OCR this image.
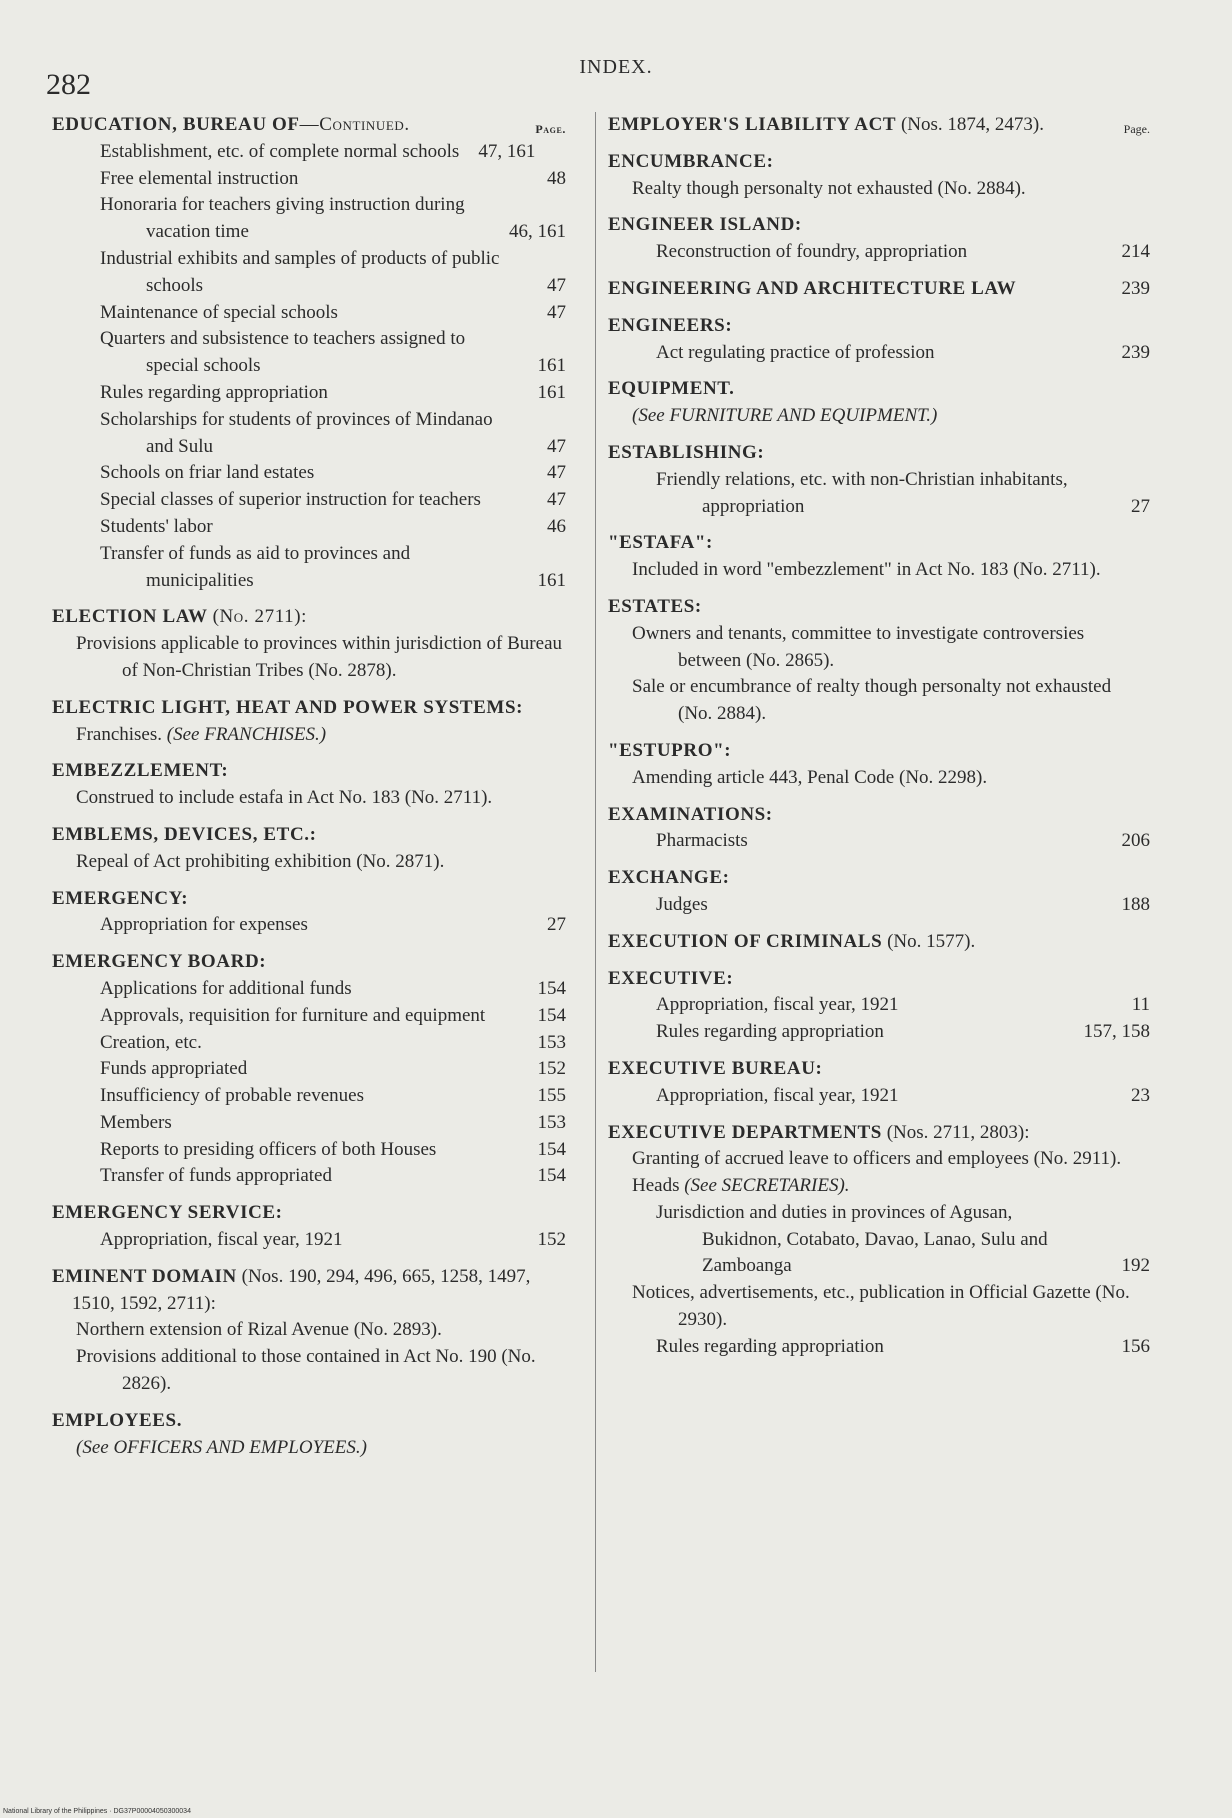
282
INDEX.
Page.
EDUCATION, BUREAU OF—Continued.
Establishment, etc. of complete normal schools 47, 161
Free elemental instruction	48
Honoraria for teachers giving instruction during vacation time	46, 161
Industrial exhibits and samples of products of public schools	47
Maintenance of special schools	47
Quarters and subsistence to teachers assigned to special schools	161
Rules regarding appropriation	161
Scholarships for students of provinces of Mindanao and Sulu	47
Schools on friar land estates	47
Special classes of superior instruction for teachers	47
Students' labor	46
Transfer of funds as aid to provinces and municipalities	161
ELECTION LAW (No. 2711):
Provisions applicable to provinces within jurisdiction of Bureau of Non-Christian Tribes (No. 2878).
ELECTRIC LIGHT, HEAT AND POWER SYSTEMS:
Franchises. (See FRANCHISES.)
EMBEZZLEMENT:
Construed to include estafa in Act No. 183 (No. 2711).
EMBLEMS, DEVICES, ETC.:
Repeal of Act prohibiting exhibition (No. 2871).
EMERGENCY:
Appropriation for expenses	27
EMERGENCY BOARD:
Applications for additional funds	154
Approvals, requisition for furniture and equipment	154
Creation, etc.	153
Funds appropriated	152
Insufficiency of probable revenues	155
Members	153
Reports to presiding officers of both Houses	154
Transfer of funds appropriated	154
EMERGENCY SERVICE:
Appropriation, fiscal year, 1921	152
EMINENT DOMAIN (Nos. 190, 294, 496, 665, 1258, 1497, 1510, 1592, 2711):
Northern extension of Rizal Avenue (No. 2893).
Provisions additional to those contained in Act No. 190 (No. 2826).
EMPLOYEES.
(See OFFICERS AND EMPLOYEES.)
Page.
EMPLOYER'S LIABILITY ACT (Nos. 1874, 2473).
ENCUMBRANCE:
Realty though personalty not exhausted (No. 2884).
ENGINEER ISLAND:
Reconstruction of foundry, appropriation	214
ENGINEERING AND ARCHITECTURE LAW	239
ENGINEERS:
Act regulating practice of profession	239
EQUIPMENT.
(See FURNITURE AND EQUIPMENT.)
ESTABLISHING:
Friendly relations, etc. with non-Christian inhabitants, appropriation	27
"ESTAFA":
Included in word "embezzlement" in Act No. 183 (No. 2711).
ESTATES:
Owners and tenants, committee to investigate controversies between (No. 2865).
Sale or encumbrance of realty though personalty not exhausted (No. 2884).
"ESTUPRO":
Amending article 443, Penal Code (No. 2298).
EXAMINATIONS:
Pharmacists	206
EXCHANGE:
Judges	188
EXECUTION OF CRIMINALS (No. 1577).
EXECUTIVE:
Appropriation, fiscal year, 1921	11
Rules regarding appropriation	157, 158
EXECUTIVE BUREAU:
Appropriation, fiscal year, 1921	23
EXECUTIVE DEPARTMENTS (Nos. 2711, 2803):
Granting of accrued leave to officers and employees (No. 2911).
Heads (See SECRETARIES).
Jurisdiction and duties in provinces of Agusan, Bukidnon, Cotabato, Davao, Lanao, Sulu and Zamboanga	192
Notices, advertisements, etc., publication in Official Gazette (No. 2930).
Rules regarding appropriation	156
National Library of the Philippines · DG37P00004050300034
